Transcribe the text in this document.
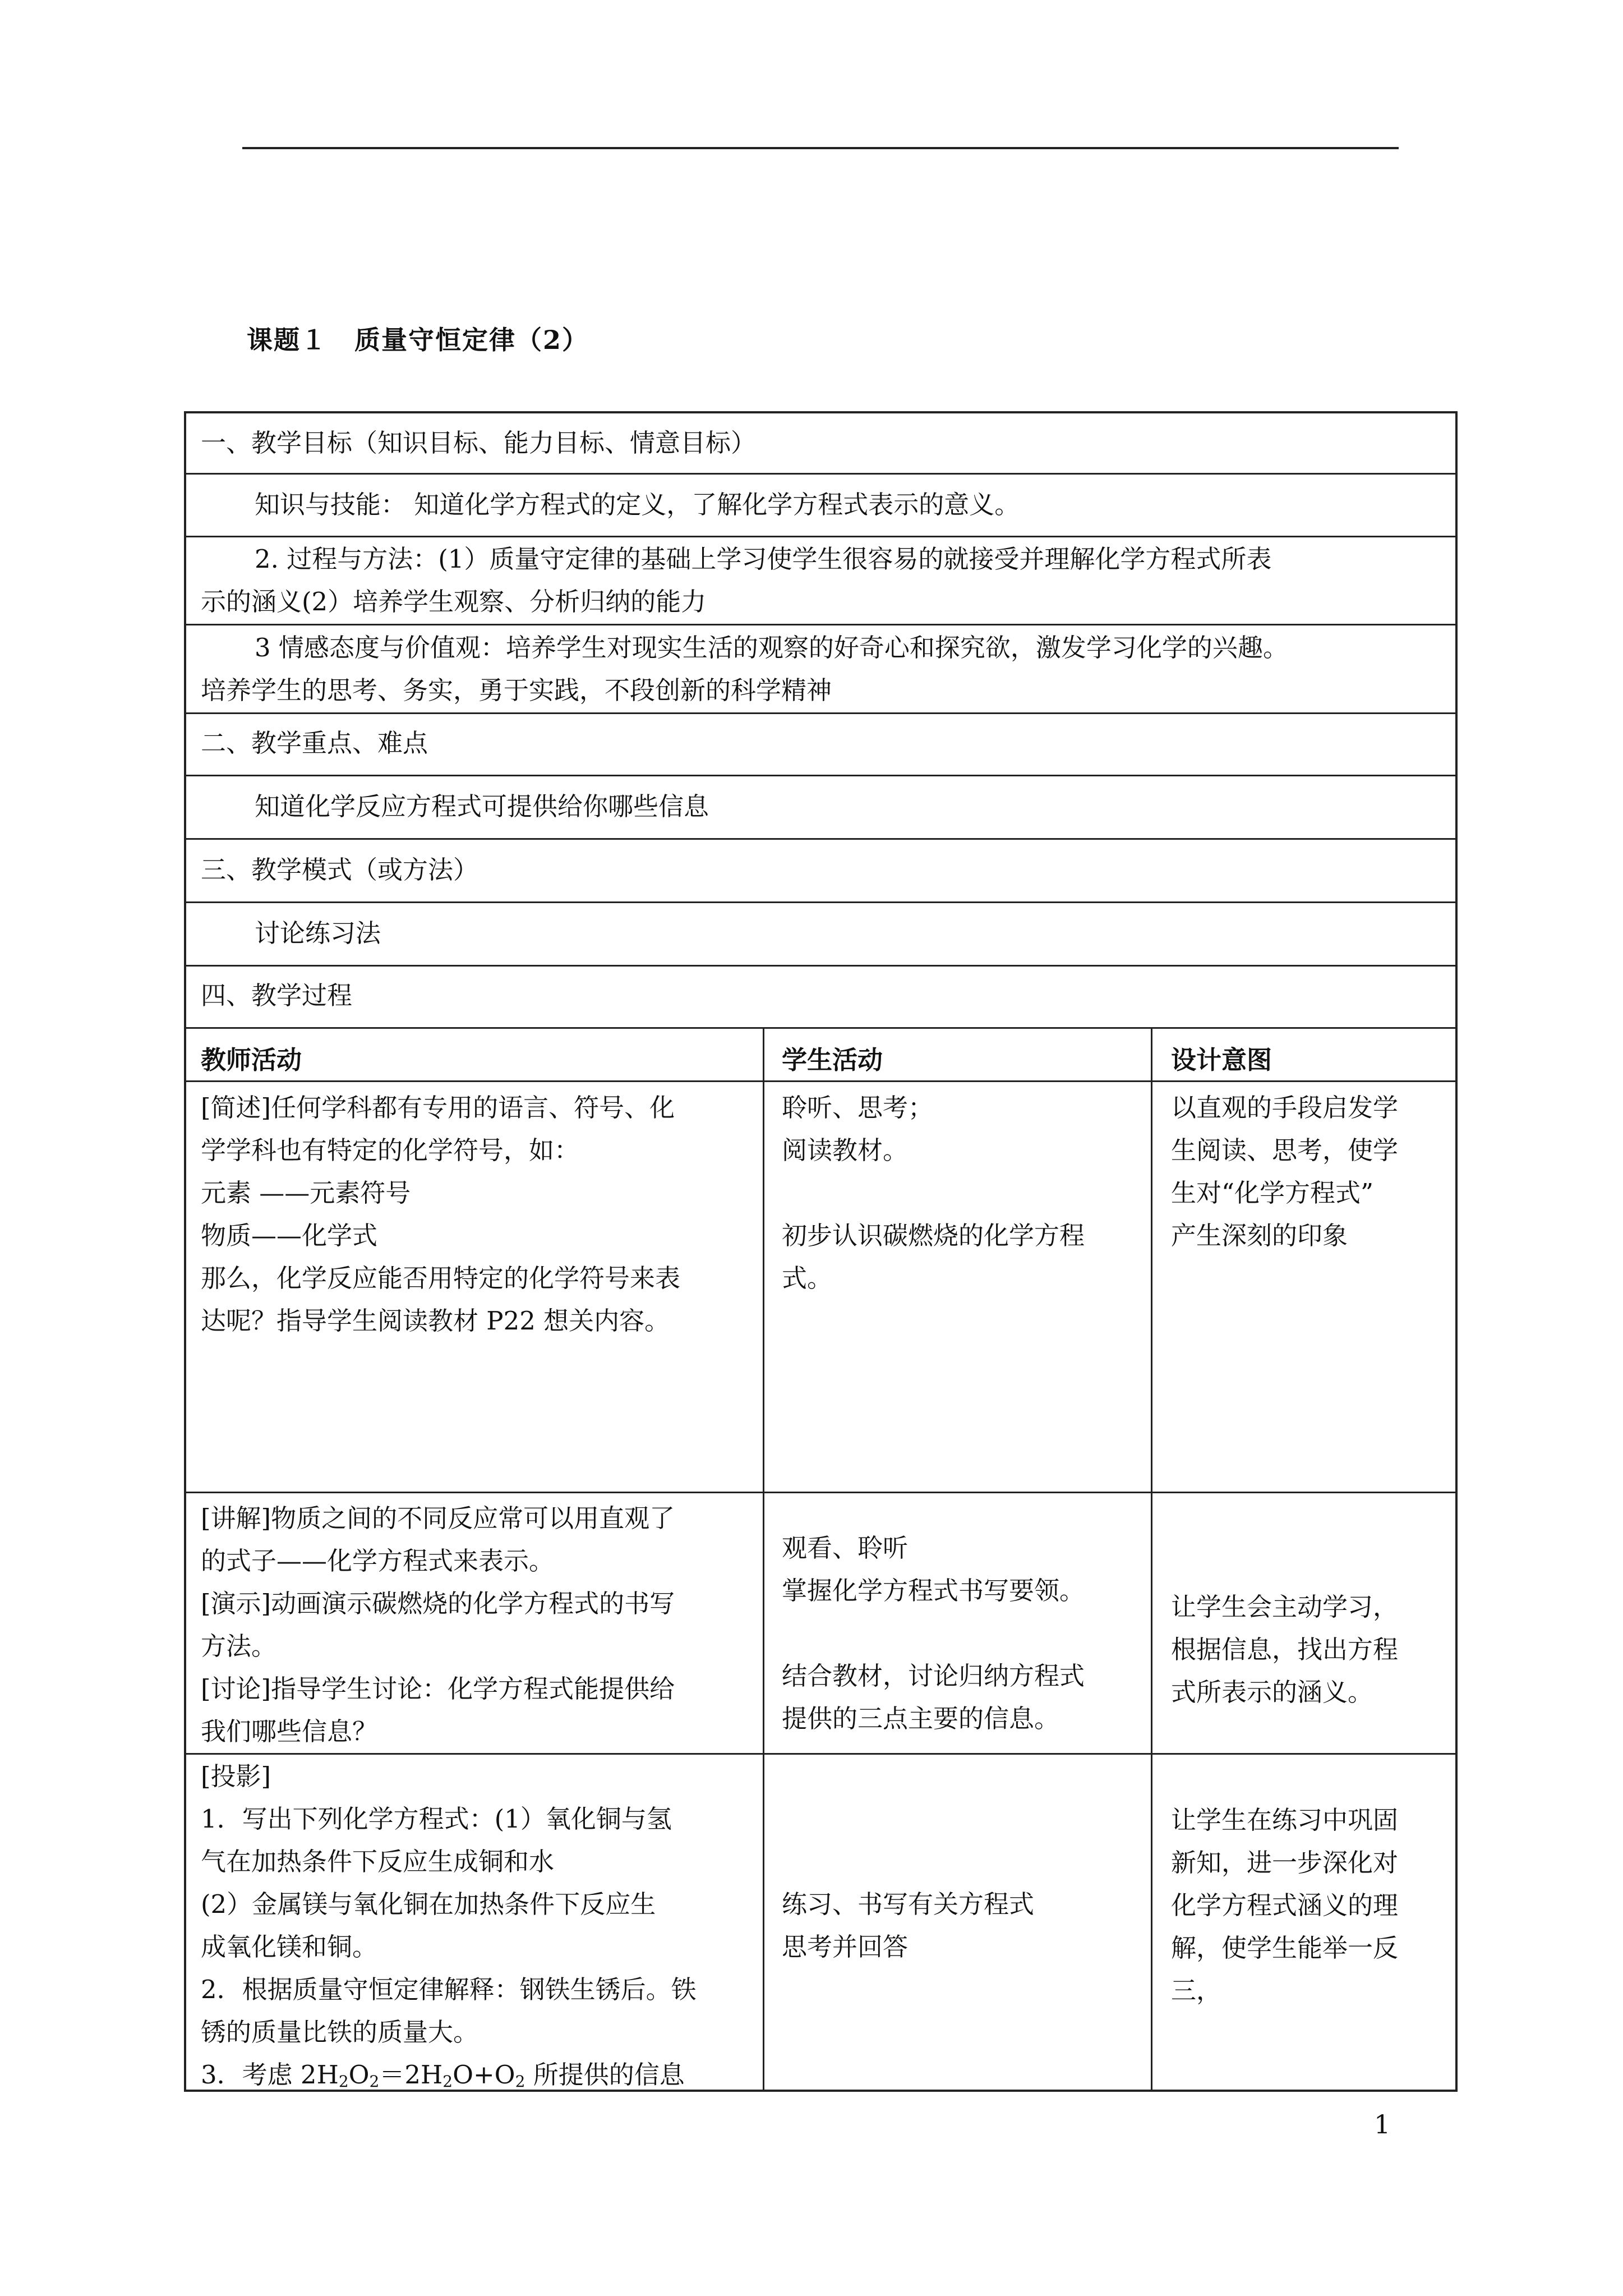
课题１　质量守恒定律（2）
一、教学目标（知识目标、能力目标、情意目标）
知识与技能： 知道化学方程式的定义，了解化学方程式表示的意义。
2. 过程与方法：(1）质量守定律的基础上学习使学生很容易的就接受并理解化学方程式所表
示的涵义(2）培养学生观察、分析归纳的能力
3 情感态度与价值观：培养学生对现实生活的观察的好奇心和探究欲，激发学习化学的兴趣。
培养学生的思考、务实，勇于实践，不段创新的科学精神
二、教学重点、难点
知道化学反应方程式可提供给你哪些信息
三、教学模式（或方法）
讨论练习法
四、教学过程
教师活动	学生活动	设计意图
[简述]任何学科都有专用的语言、符号、化
学学科也有特定的化学符号，如：
元素 ——元素符号
物质——化学式
那么，化学反应能否用特定的化学符号来表
达呢？指导学生阅读教材 P22 想关内容。
聆听、思考；
阅读教材。
初步认识碳燃烧的化学方程
式。
以直观的手段启发学
生阅读、思考，使学
生对“化学方程式”
产生深刻的印象
[讲解]物质之间的不同反应常可以用直观了
的式子——化学方程式来表示。
[演示]动画演示碳燃烧的化学方程式的书写
方法。
[讨论]指导学生讨论：化学方程式能提供给
我们哪些信息？
观看、聆听
掌握化学方程式书写要领。
结合教材，讨论归纳方程式
提供的三点主要的信息。
让学生会主动学习，
根据信息，找出方程
式所表示的涵义。
[投影]
1．写出下列化学方程式：(1）氧化铜与氢
气在加热条件下反应生成铜和水
(2）金属镁与氧化铜在加热条件下反应生
成氧化镁和铜。
2．根据质量守恒定律解释：钢铁生锈后。铁
锈的质量比铁的质量大。
3．考虑 $2H_2O_2=2H_2O+O_2$ 所提供的信息
练习、书写有关方程式
思考并回答
让学生在练习中巩固
新知，进一步深化对
化学方程式涵义的理
解，使学生能举一反
三，
1
